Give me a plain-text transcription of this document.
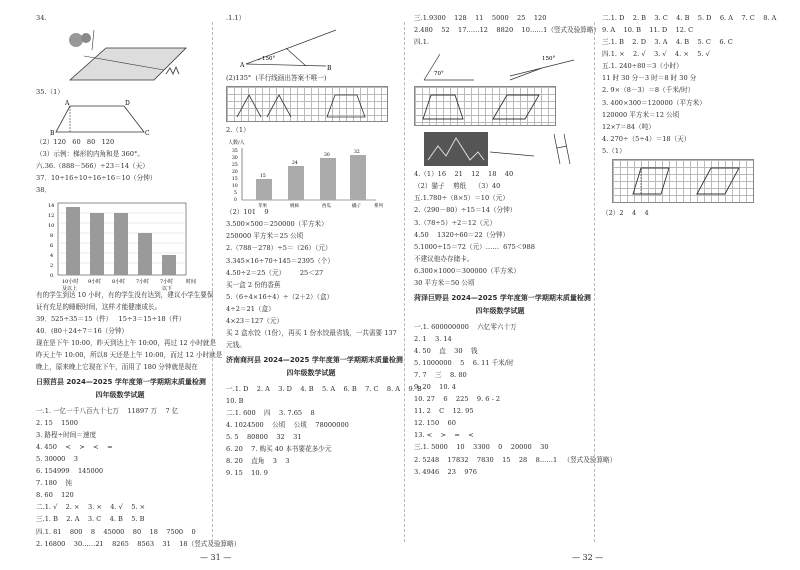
34.
35.（1）
A	D
B	C
（2）120   60   80   120
（3）示例：梯形的内角和是 360°。
六.36.（888－566）÷23＝14（天）
37．10÷16÷10÷16÷16＝10（分钟）
38．
14
12
10
8
6
4
2
0
10小时 9小时 8小时 7小时 7小时	时间
及以上	以下
有的学生到达 10 小时，有的学生没有达到，建议小学生要保
证有充足的睡眠时间，这样才能健康成长。
39．525÷35＝15（件）   15÷3＝15÷18（件）
40．(80＋24÷7＝16（分钟）
现在是下午 10:00，昨天到达上午 10:00，再过 12 小时就是
昨天上午 10:00，所以8 天还是上午 10:00，而过 12 小时就是
晚上，原来晚上它现在下午，而用了 180 分钟就是现在
日照莒县 2024—2025 学年度第一学期期末质量检测
四年级数学试题
一.1. 一亿一千八百九十七万    11897 万    7 亿
2. 15    1500
3. 路程÷时间＝速度
4. 450    <    >    <    =
5. 30000    3
6. 154999    145000
7. 180    钝
8. 60    120
二.1. √    2. ×    3. ×    4. √    5. ×
三.1. B    2. A    3. C    4. B    5. B
四.1. 81    800    8    45000    80    18    7500    0
2. 16800    30……21    8265    8563    31    18（竖式及验算略）
.1.1）
150°
A	B
(2)135°  (平行线画出答案不唯一)
2.（1）
人数/人
35
30
25
20
15
10
5
0
15
24
30
32
苹果	桃柿	西瓜	橘子	系列
（2）101    9
3.500×500＝250000（平方米）
250000 平方米＝25 公顷
2.（788－278）÷5＝（26）（元）
3.345×16÷70÷145＝2395（个）
4.50÷2＝25（元）       25＜27
买一盒 2 份的香蕉
5.（6÷4×16÷4）÷（2＋2）（盒）
4÷2＝21（盒）
4×23＝127（元）
买 2 盒水饺（1份），再买 1 份水饺最省钱，一共需要 137
元钱。
济南商河县 2024—2025 学年度第一学期期末质量检测
四年级数学试题
一.1. D    2. A    3. D    4. B    5. A    6. B    7. C    8. A    9. B
10. B
二.1. 600    四    3. 7.65    8
4. 1024500    公顷    公顷    78000000
5. 5    80800    32    31
6. 20    7. 购买 40 本书要花多少元
8. 20    直角    3    3
9. 15    10. 9
三.1.9300    128    11    5000    25    120
2.480    52    17……12    8820    10……1（竖式及验算略）
四.1.
70°
150°
4.（1）16    21    12    18    40
（2）猫子    剪纸    （3）40
五.1.780÷（8×5）＝10（元）
2.（290－80）÷15＝14（分钟）
3.（78÷5）÷2＝12（元）
4.50    1320÷60＝22（分钟）
5.1000÷15＝72（元）……  675＜988
不建议他办存储卡。
6.300×1000＝300000（平方米）
30 平方米＝50 公顷
菏泽巨野县 2024—2025 学年度第一学期期末质量检测
四年级数学试题
一.1. 600000000    六亿零六十万
2. 1    3. 14
4. 50    直    30    钱
5. 1000000    5    6. 11 千米/时
7. 7    三    8. 80
9. 20    10. 4
10. 27    6    225    9. 6 - 2
11. 2    C    12. 95
12. 150    60
13. <    >    =    <
三.1. 5000    10    3300    0    20000    30
2. 5248    17832    7830    15    28    8……1   （竖式及验算略）
3. 4946    23    976
二.1. D    2. B    3. C    4. B    5. D    6. A    7. C    8. A
9. A    10. B    11. D    12. C
三.1. B    2. D    3. A    4. B    5. C    6. C
四.1. ×    2. √    3. √    4. ×    5. √
五.1. 240÷80＝3（小时）
11 时 30 分－3 时＝8 时 30 分
2. 9×（8－3）＝8（千米/时）
3. 400×300＝120000（平方米）
120000 平方米＝12 公顷
12×7＝84（吨）
4. 270÷（5÷4）＝18（天）
5.（1）
（2）2    4    4
— 31 —	— 32 —
